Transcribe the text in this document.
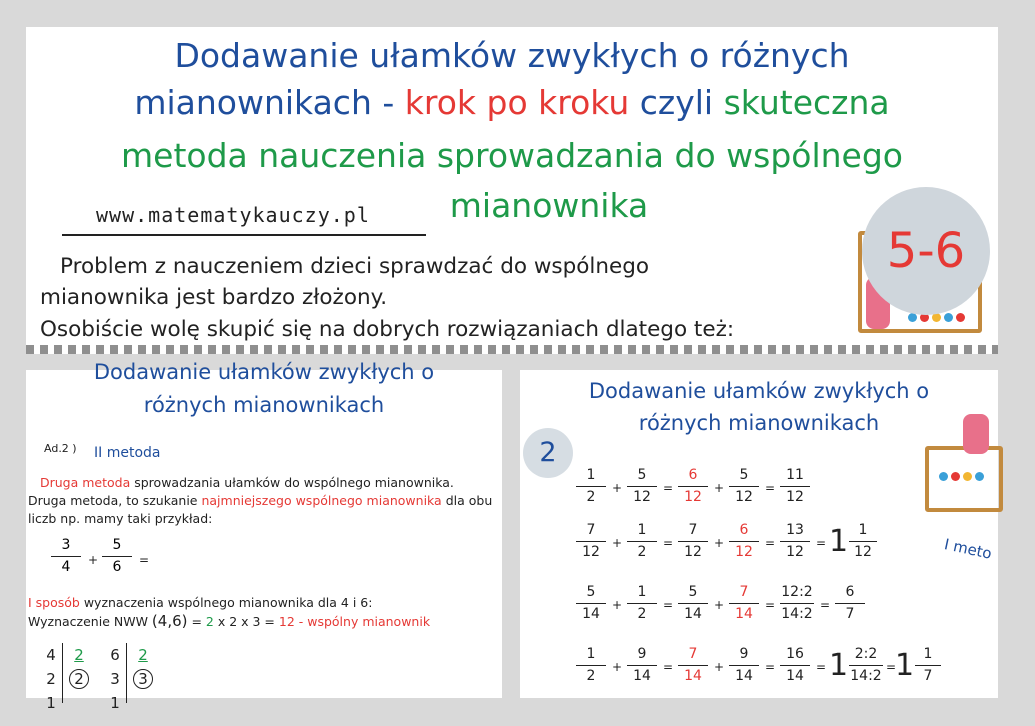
Dodawanie ułamków zwykłych o różnych
mianownikach - krok po kroku czyli skuteczna
metoda nauczenia sprowadzania do wspólnego
mianownika
www.matematykauczy.pl
Problem z nauczeniem dzieci sprawdzać do wspólnego
mianownika jest bardzo złożony.
Osobiście wolę skupić się na dobrych rozwiązaniach dlatego też:
5-6
Dodawanie ułamków zwykłych o
różnych mianownikach
Ad.2 ) II metoda
Druga metoda sprowadzania ułamków do wspólnego mianownika.
Druga metoda, to szukanie najmniejszego wspólnego mianownika dla obu
liczb np. mamy taki przykład:
3
4	+
5
6	=
I sposób wyznaczenia wspólnego mianownika dla 4 i 6:
Wyznaczenie NWW (4,6) = 2 x 2 x 3 = 12 - wspólny mianownik
4
2
1
2
2
6
3
1
2
3
Dodawanie ułamków zwykłych o
różnych mianownikach
2
I meto
1
2
+
5
12
=
6
12
+
5
12
=
11
12
7
12
+
1
2
=
7
12
+
6
12
=
13
12
= 1 1
12
5
14
+
1
2
=
5
14
+
7
14
=
12:2
14:2
=
6
7
1
2
+
9
14
=
7
14
+
9
14
=
16
14
= 1 2:2
14:2
=
1 1
7
